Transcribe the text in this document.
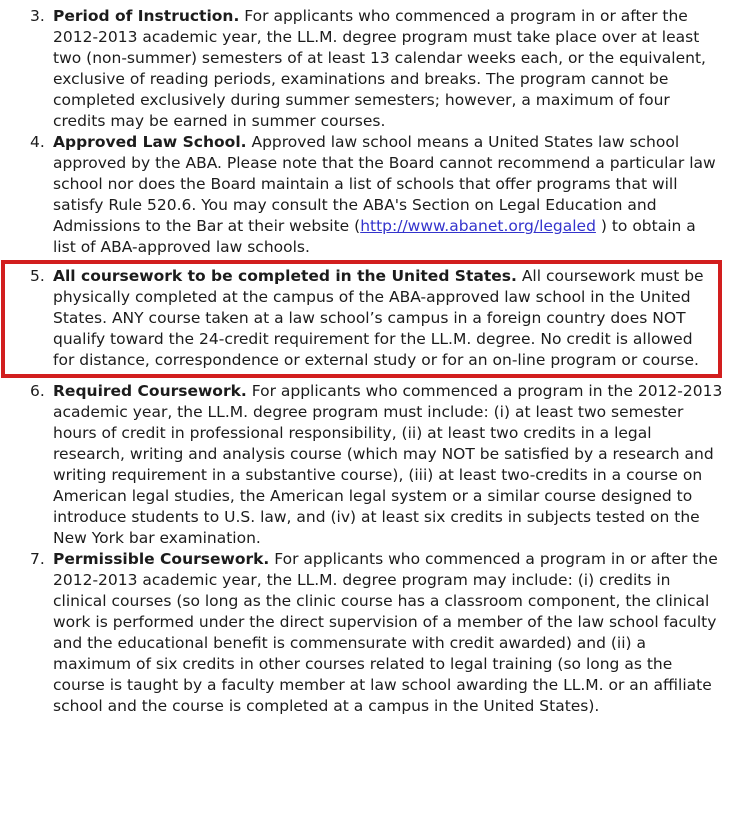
3. Period of Instruction. For applicants who commenced a program in or after the 2012-2013 academic year, the LL.M. degree program must take place over at least two (non-summer) semesters of at least 13 calendar weeks each, or the equivalent, exclusive of reading periods, examinations and breaks. The program cannot be completed exclusively during summer semesters; however, a maximum of four credits may be earned in summer courses.
4. Approved Law School. Approved law school means a United States law school approved by the ABA. Please note that the Board cannot recommend a particular law school nor does the Board maintain a list of schools that offer programs that will satisfy Rule 520.6. You may consult the ABA's Section on Legal Education and Admissions to the Bar at their website (http://www.abanet.org/legaled ) to obtain a list of ABA-approved law schools.
5. All coursework to be completed in the United States. All coursework must be physically completed at the campus of the ABA-approved law school in the United States. ANY course taken at a law school’s campus in a foreign country does NOT qualify toward the 24-credit requirement for the LL.M. degree. No credit is allowed for distance, correspondence or external study or for an on-line program or course.
6. Required Coursework. For applicants who commenced a program in the 2012-2013 academic year, the LL.M. degree program must include: (i) at least two semester hours of credit in professional responsibility, (ii) at least two credits in a legal research, writing and analysis course (which may NOT be satisfied by a research and writing requirement in a substantive course), (iii) at least two-credits in a course on American legal studies, the American legal system or a similar course designed to introduce students to U.S. law, and (iv) at least six credits in subjects tested on the New York bar examination.
7. Permissible Coursework. For applicants who commenced a program in or after the 2012-2013 academic year, the LL.M. degree program may include: (i) credits in clinical courses (so long as the clinic course has a classroom component, the clinical work is performed under the direct supervision of a member of the law school faculty and the educational benefit is commensurate with credit awarded) and (ii) a maximum of six credits in other courses related to legal training (so long as the course is taught by a faculty member at law school awarding the LL.M. or an affiliate school and the course is completed at a campus in the United States).
